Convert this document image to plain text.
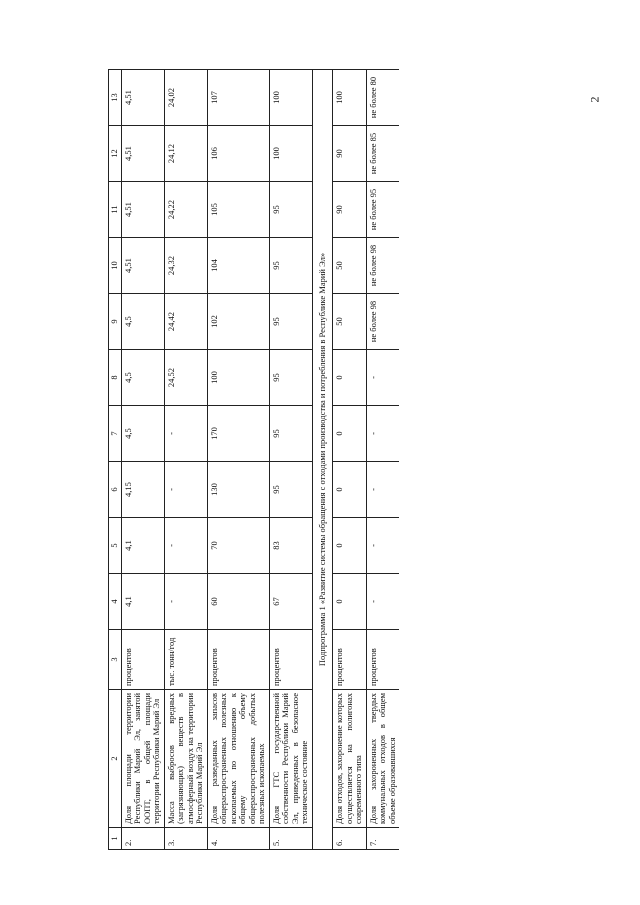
2
1	2	3	4	5	6	7	8	9	10	11	12	13
2.	Доля площади территории Республики Марий Эл, занятой ООПТ, в общей площади территории Республики Марий Эл	процентов	4,1	4,1	4,15	4,5	4,5	4,5	4,51	4,51	4,51	4,51
3.	Масса выбросов вредных (загрязняющих) веществ в атмосферный воздух на территории Республики Марий Эл	тыс. тонн/год	-	-	-	-	24,52	24,42	24,32	24,22	24,12	24,02
4.	Доля разведанных запасов общераспространенных полезных ископаемых по отношению к общему объему общераспространенных добытых полезных ископаемых	процентов	60	70	130	170	100	102	104	105	106	107
5.	Доля ГТС государственной собственности Республики Марий Эл, приведенных в безопасное техническое состояние	процентов	67	83	95	95	95	95	95	95	100	100
Подпрограмма 1 «Развитие системы обращения с отходами производства и потребления в Республике Марий Эл»												
6.	Доля отходов, захоронение которых осуществляется на полигонах современного типа	процентов	0	0	0	0	0	50	50	90	90	100
7.	Доля захороненных твердых коммунальных отходов в общем объеме образовавшихся	процентов	-	-	-	-	-	не более 98	не более 98	не более 95	не более 85	не более 80
